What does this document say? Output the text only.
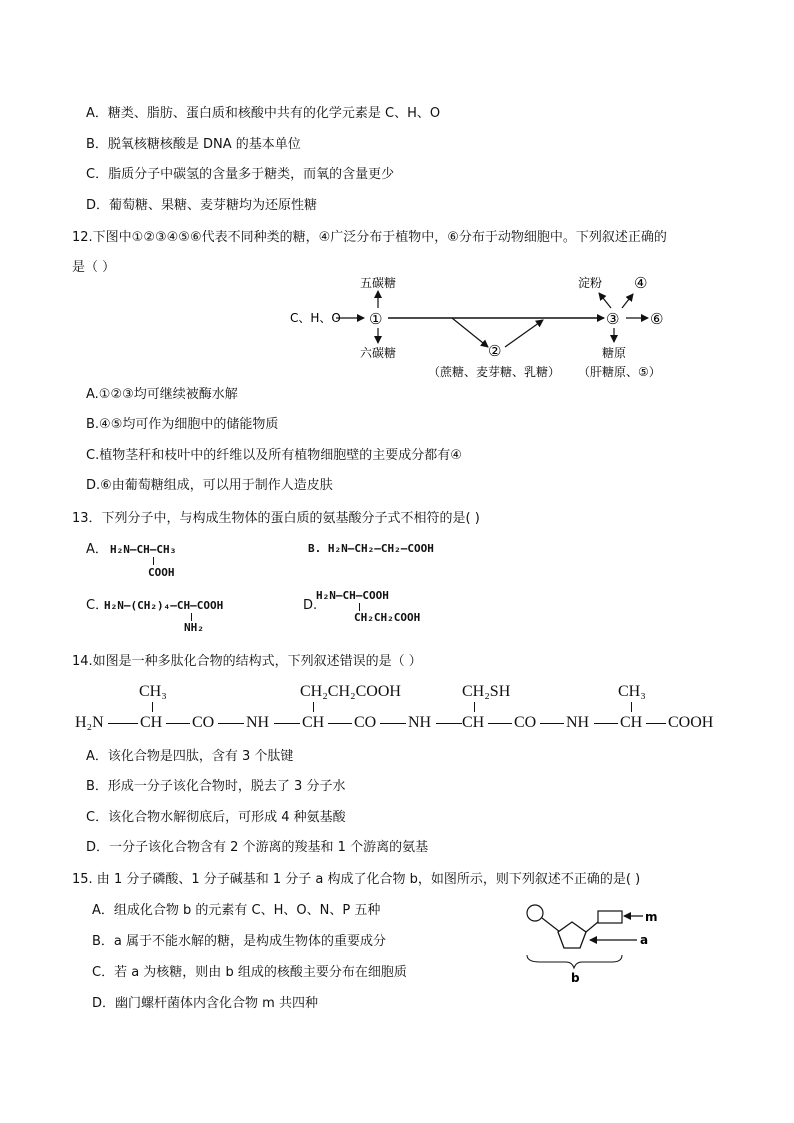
A．糖类、脂肪、蛋白质和核酸中共有的化学元素是 C、H、O
B．脱氧核糖核酸是 DNA 的基本单位
C．脂质分子中碳氢的含量多于糖类，而氧的含量更少
D．葡萄糖、果糖、麦芽糖均为还原性糖
12.下图中①②③④⑤⑥代表不同种类的糖，④广泛分布于植物中，⑥分布于动物细胞中。下列叙述正确的
是（ ）
C、H、O ①
五碳糖
六碳糖	②
（蔗糖、麦芽糖、乳糖）
③
淀粉 ④
⑥
糖原
（肝糖原、⑤）
A.①②③均可继续被酶水解
B.④⑤均可作为细胞中的储能物质
C.植物茎秆和枝叶中的纤维以及所有植物细胞壁的主要成分都有④
D.⑥由葡萄糖组成，可以用于制作人造皮肤
13．下列分子中，与构成生物体的蛋白质的氨基酸分子式不相符的是( )
A． H₂N—CH—CH₃
COOH
B. H₂N—CH₂—CH₂—COOH
C．
H₂N—(CH₂)₄—CH—COOH
NH₂
D.
H₂N—CH—COOH
CH₂CH₂COOH
14.如图是一种多肽化合物的结构式，下列叙述错误的是（ ）
CH₃	CH₂CH₂COOH	CH₂SH	CH₃
H₂N CH CO NH CH CO NH CH CO NH CH COOH
A．该化合物是四肽，含有 3 个肽键
B．形成一分子该化合物时，脱去了 3 分子水
C．该化合物水解彻底后，可形成 4 种氨基酸
D．一分子该化合物含有 2 个游离的羧基和 1 个游离的氨基
15. 由 1 分子磷酸、1 分子碱基和 1 分子 a 构成了化合物 b，如图所示，则下列叙述不正确的是( )
A．组成化合物 b 的元素有 C、H、O、N、P 五种
B．a 属于不能水解的糖，是构成生物体的重要成分
C．若 a 为核糖，则由 b 组成的核酸主要分布在细胞质
D．幽门螺杆菌体内含化合物 m 共四种
m
a
b
